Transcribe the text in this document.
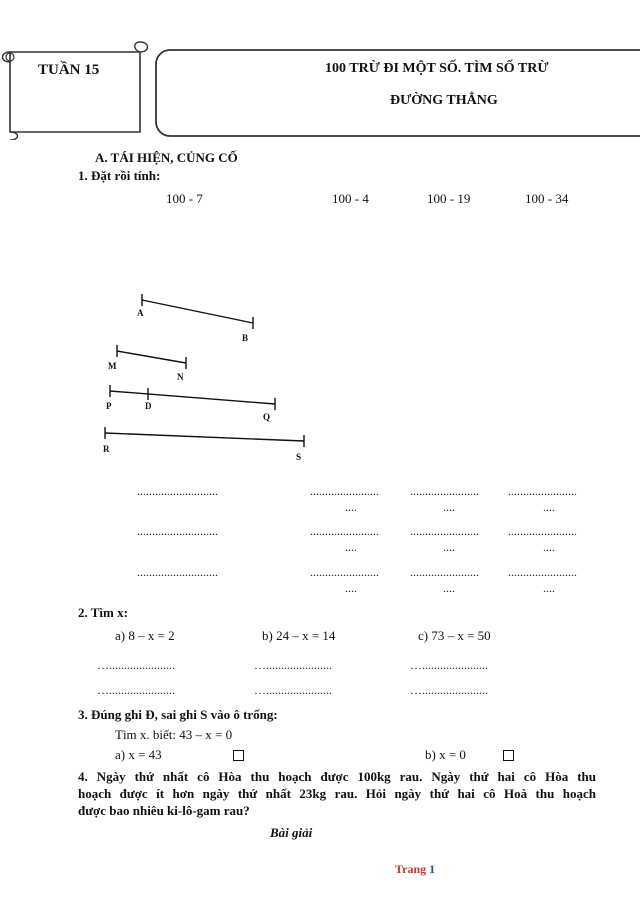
TUẦN 15	100 TRỪ ĐI MỘT SỐ. TÌM SỐ TRỪ
ĐƯỜNG THẲNG
A. TÁI HIỆN, CỦNG CỐ
1. Đặt rồi tính:
100 - 7	100 - 4	100 - 19	100 - 34
A
B
M
N
P	D
Q
R
S
...........................	.......................	....................... .......................
....	....	....
...........................	.......................	....................... .......................
....	....	....
...........................	.......................	....................... .......................
....	....	....
2. Tìm x:
a) 8 – x = 2	b) 24 – x = 14	c) 73 – x = 50
…......................	…......................	…......................
…......................	…......................	…......................
3. Đúng ghi Đ, sai ghi S vào ô trống:
Tìm x. biết: 43 – x = 0
a) x = 43	b) x = 0
4. Ngày thứ nhất cô Hòa thu hoạch được 100kg rau. Ngày thứ hai cô Hòa thu
hoạch được ít hơn ngày thứ nhất 23kg rau. Hỏi ngày thứ hai cô Hoà thu hoạch
được bao nhiêu ki-lô-gam rau?
Bài giải
Trang 1
